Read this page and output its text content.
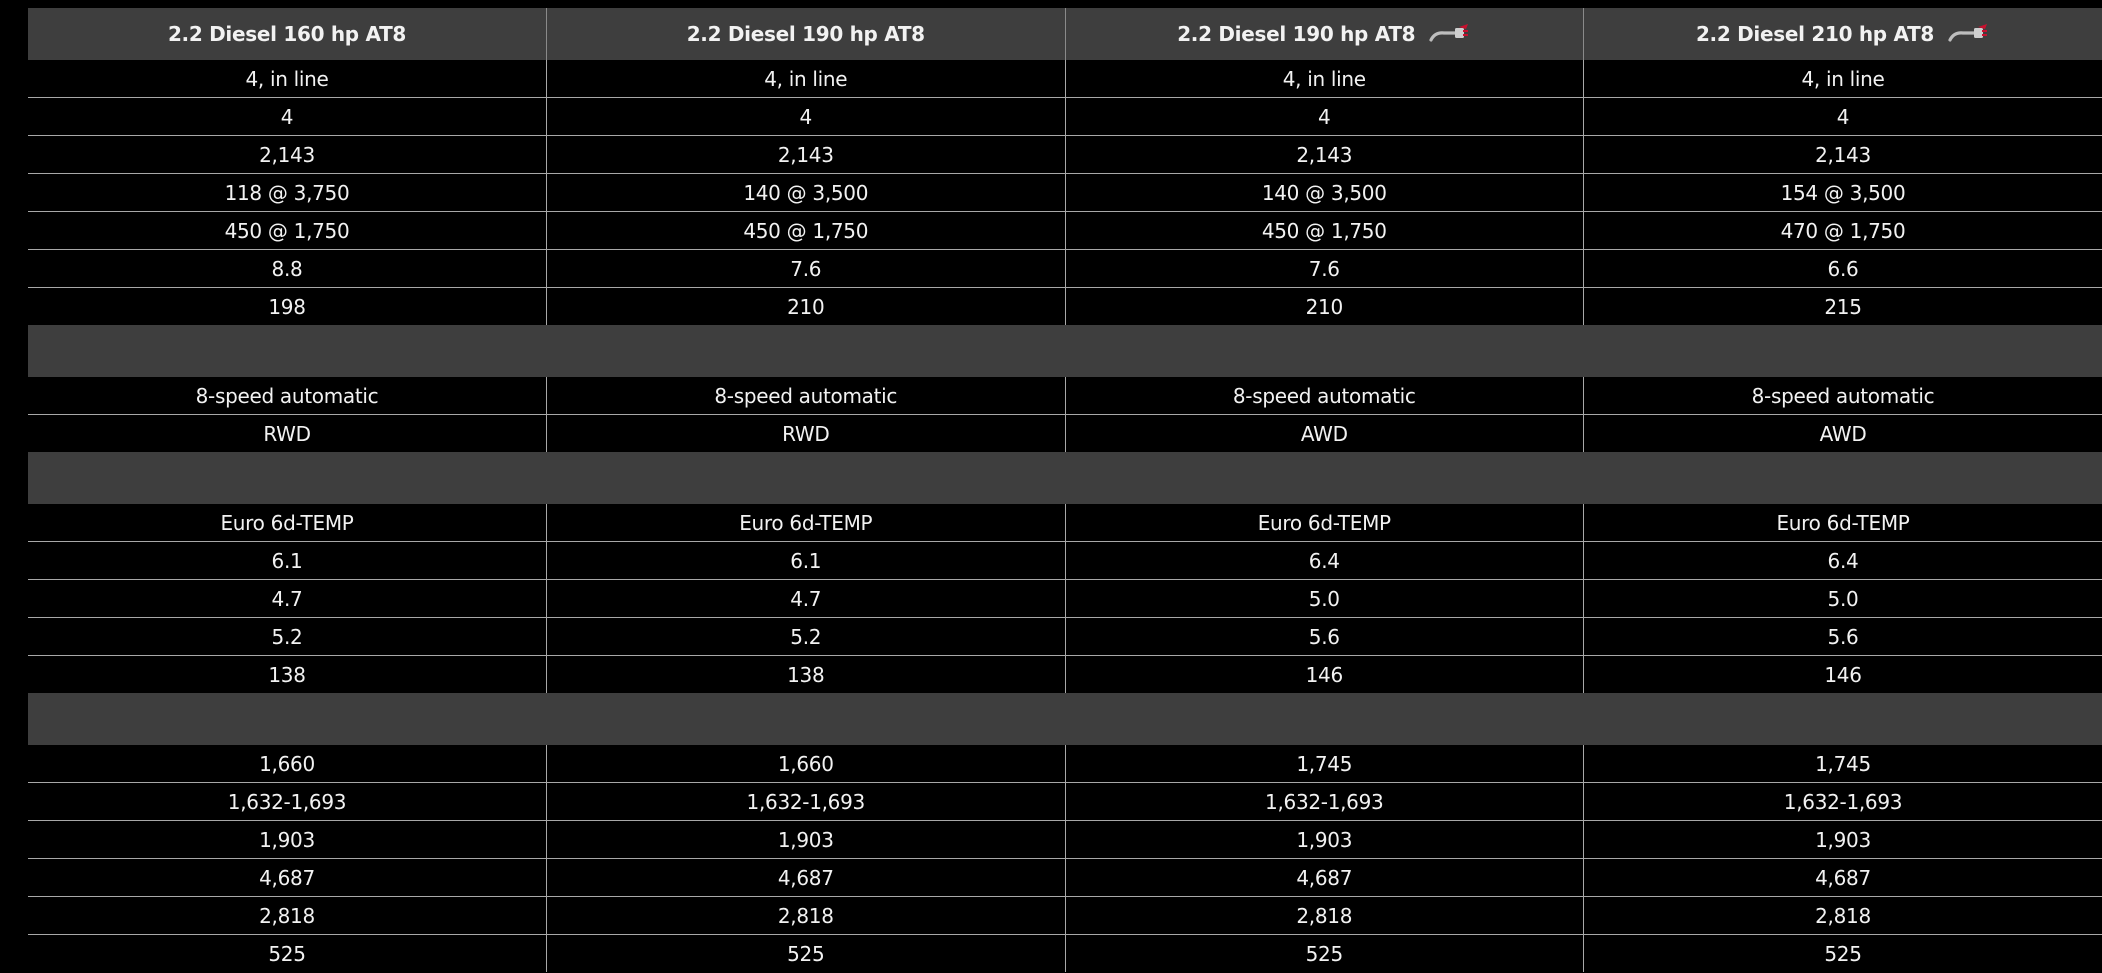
2.2 Diesel 160 hp AT8	2.2 Diesel 190 hp AT8	2.2 Diesel 190 hp AT8	2.2 Diesel 210 hp AT8

4, in line	4, in line	4, in line	4, in line
4	4	4	4
2,143	2,143	2,143	2,143
118 @ 3,750	140 @ 3,500	140 @ 3,500	154 @ 3,500
450 @ 1,750	450 @ 1,750	450 @ 1,750	470 @ 1,750
8.8	7.6	7.6	6.6
198	210	210	215

8-speed automatic	8-speed automatic	8-speed automatic	8-speed automatic
RWD	RWD	AWD	AWD

Euro 6d-TEMP	Euro 6d-TEMP	Euro 6d-TEMP	Euro 6d-TEMP
6.1	6.1	6.4	6.4
4.7	4.7	5.0	5.0
5.2	5.2	5.6	5.6
138	138	146	146

1,660	1,660	1,745	1,745
1,632-1,693	1,632-1,693	1,632-1,693	1,632-1,693
1,903	1,903	1,903	1,903
4,687	4,687	4,687	4,687
2,818	2,818	2,818	2,818
525	525	525	525
